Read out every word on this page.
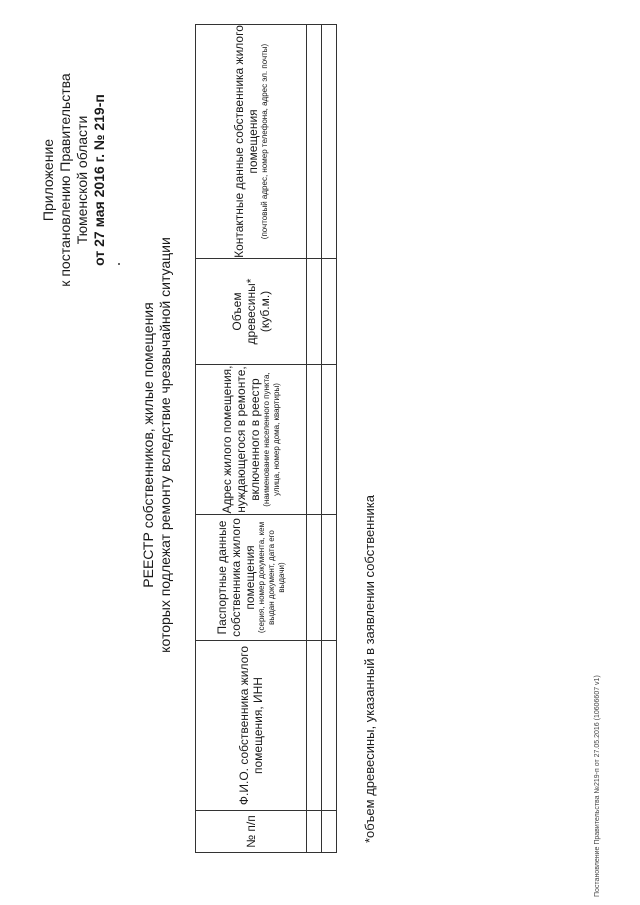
Приложение к постановлению Правительства Тюменской области от 27 мая 2016 г. № 219-п
РЕЕСТР собственников, жилые помещения которых подлежат ремонту вследствие чрезвычайной ситуации
№ п/п	Ф.И.О. собственника жилого помещения, ИНН	Паспортные данные собственника жилого помещения (серия, номер документа, кем выдан документ, дата его выдачи)	Адрес жилого помещения, нуждающегося в ремонте, включенного в реестр (наименование населенного пункта, улица, номер дома, квартиры)	Объем древесины* (куб.м.)	Контактные данные собственника жилого помещения (почтовый адрес, номер телефона, адрес эл. почты)

*объем древесины, указанный в заявлении собственника	Постановление Правительства №219-п от 27.05.2016 (10606607 v1)
